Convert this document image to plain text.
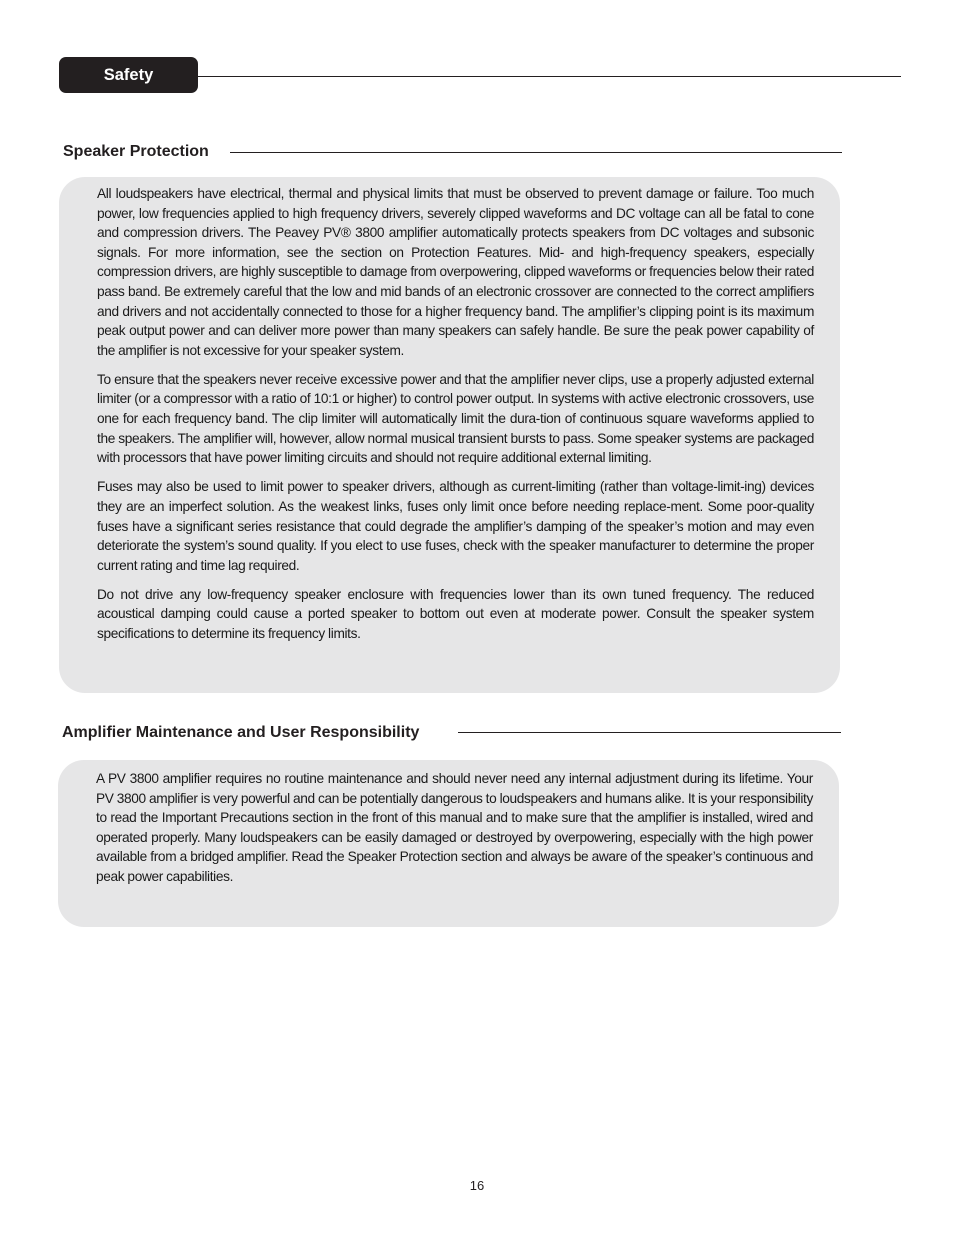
Safety
Speaker Protection

All loudspeakers have electrical, thermal and physical limits that must be observed to prevent damage or failure. Too much power, low frequencies applied to high frequency drivers, severely clipped waveforms and DC voltage can all be fatal to cone and compression drivers. The Peavey PV® 3800 amplifier automatically protects speakers from DC voltages and subsonic signals. For more information, see the section on Protection Features. Mid- and high-frequency speakers, especially compression drivers, are highly susceptible to damage from overpowering, clipped waveforms or frequencies below their rated pass band. Be extremely careful that the low and mid bands of an electronic crossover are connected to the correct amplifiers and drivers and not accidentally connected to those for a higher frequency band. The amplifier’s clipping point is its maximum peak output power and can deliver more power than many speakers can safely handle. Be sure the peak power capability of the amplifier is not excessive for your speaker system.

To ensure that the speakers never receive excessive power and that the amplifier never clips, use a properly adjusted external limiter (or a compressor with a ratio of 10:1 or higher) to control power output. In systems with active electronic crossovers, use one for each frequency band. The clip limiter will automatically limit the dura-tion of continuous square waveforms applied to the speakers. The amplifier will, however, allow normal musical transient bursts to pass. Some speaker systems are packaged with processors that have power limiting circuits and should not require additional external limiting.

Fuses may also be used to limit power to speaker drivers, although as current-limiting (rather than voltage-limit-ing) devices they are an imperfect solution. As the weakest links, fuses only limit once before needing replace-ment. Some poor-quality fuses have a significant series resistance that could degrade the amplifier’s damping of the speaker’s motion and may even deteriorate the system’s sound quality. If you elect to use fuses, check with the speaker manufacturer to determine the proper current rating and time lag required.

Do not drive any low-frequency speaker enclosure with frequencies lower than its own tuned frequency. The reduced acoustical damping could cause a ported speaker to bottom out even at moderate power. Consult the speaker system specifications to determine its frequency limits.

Amplifier Maintenance and User Responsibility

A PV 3800 amplifier requires no routine maintenance and should never need any internal adjustment during its lifetime. Your PV 3800 amplifier is very powerful and can be potentially dangerous to loudspeakers and humans alike. It is your responsibility to read the Important Precautions section in the front of this manual and to make sure that the amplifier is installed, wired and operated properly. Many loudspeakers can be easily damaged or destroyed by overpowering, especially with the high power available from a bridged amplifier. Read the Speaker Protection section and always be aware of the speaker’s continuous and peak power capabilities.

16
